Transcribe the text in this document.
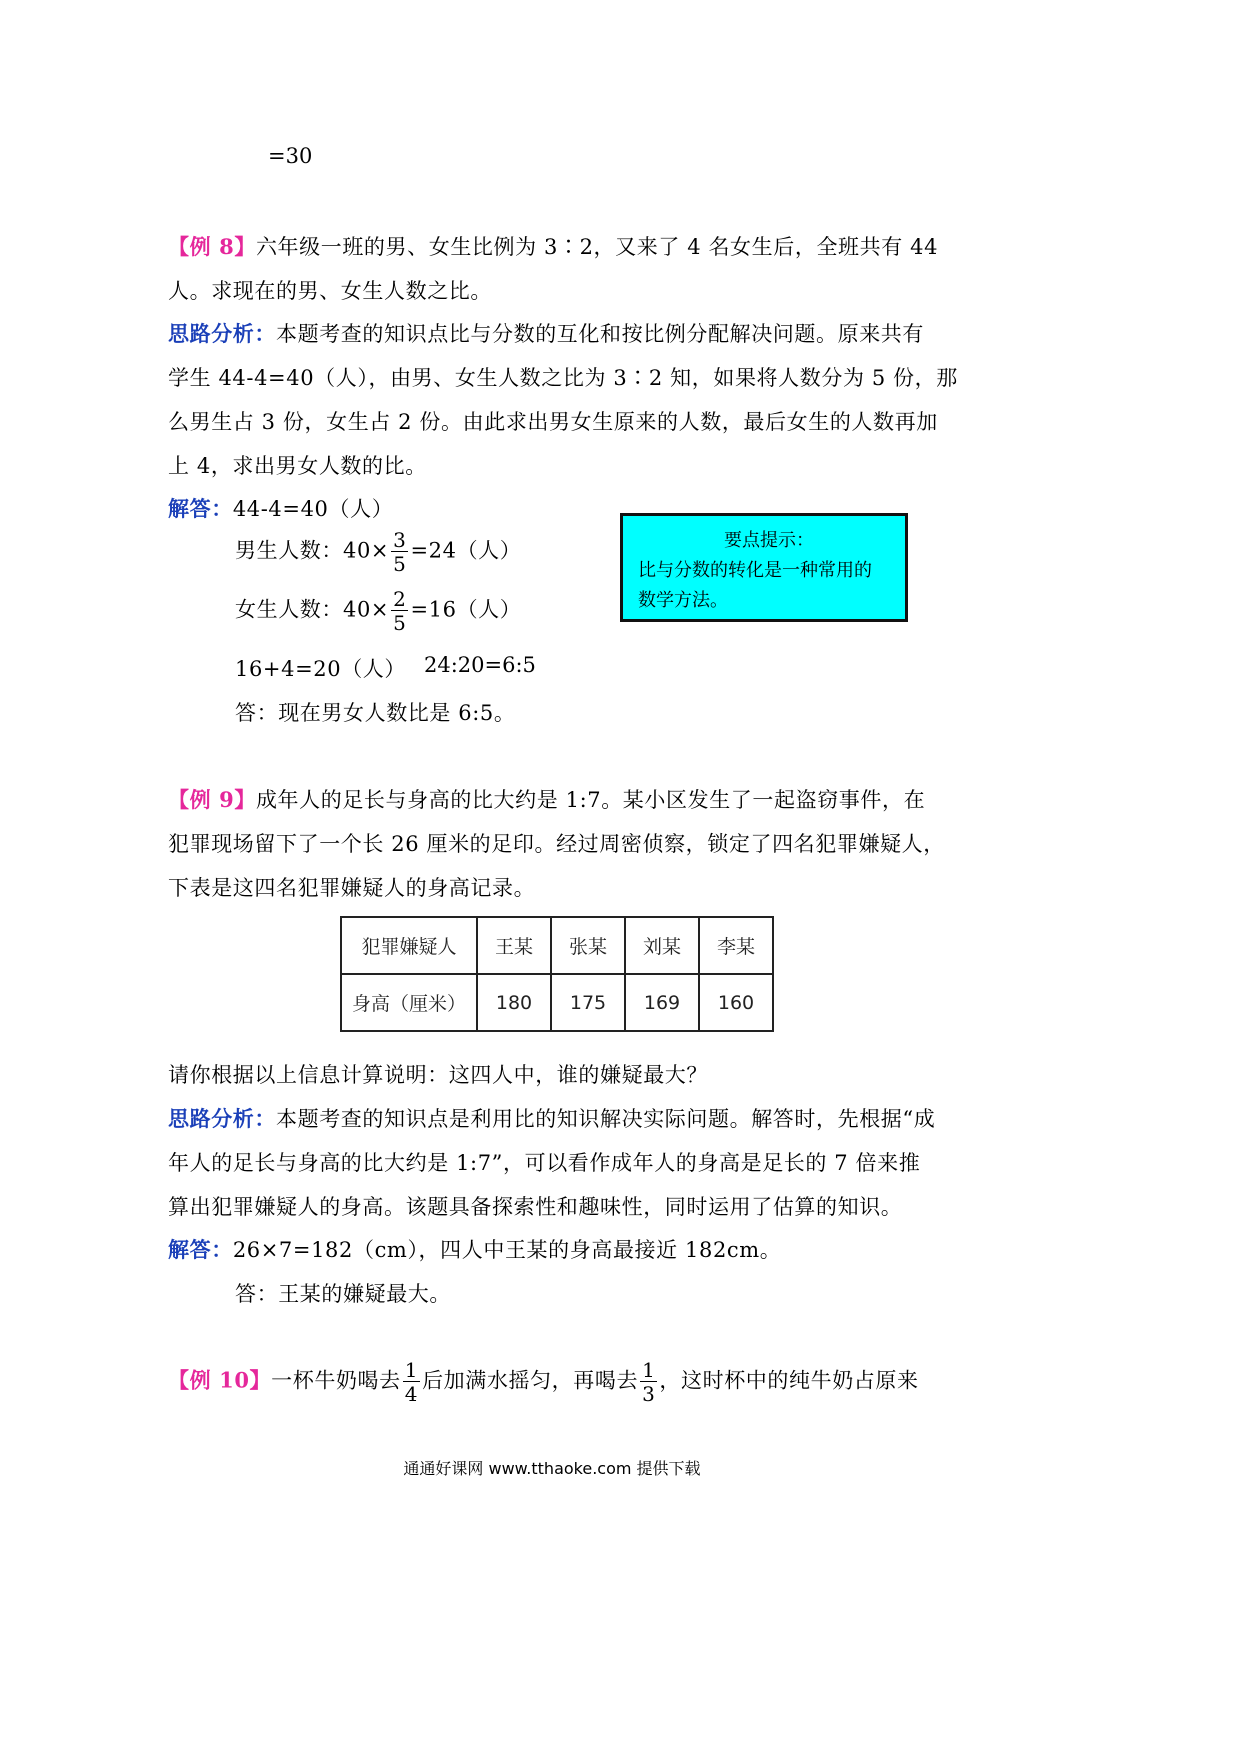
=30
【例 8】六年级一班的男、女生比例为 3∶2，又来了 4 名女生后，全班共有 44
人。求现在的男、女生人数之比。
思路分析：本题考查的知识点比与分数的互化和按比例分配解决问题。原来共有
学生 44-4=40（人），由男、女生人数之比为 3∶2 知，如果将人数分为 5 份，那
么男生占 3 份，女生占 2 份。由此求出男女生原来的人数，最后女生的人数再加
上 4，求出男女人数的比。
解答：44-4=40（人）
男生人数：$40\times \frac{3}{5} =24$（人）
女生人数：$40\times \frac{2}{5} =16$（人）
16+4=20（人） 24:20=6:5
答：现在男女人数比是 6:5。
要点提示：
比与分数的转化是一种常用的
数学方法。
【例 9】成年人的足长与身高的比大约是 1:7。某小区发生了一起盗窃事件，在
犯罪现场留下了一个长 26 厘米的足印。经过周密侦察，锁定了四名犯罪嫌疑人，
下表是这四名犯罪嫌疑人的身高记录。
犯罪嫌疑人	王某	张某	刘某	李某
身高（厘米）	180	175	169	160
请你根据以上信息计算说明：这四人中，谁的嫌疑最大？
思路分析：本题考查的知识点是利用比的知识解决实际问题。解答时，先根据“成
年人的足长与身高的比大约是 1:7”，可以看作成年人的身高是足长的 7 倍来推
算出犯罪嫌疑人的身高。该题具备探索性和趣味性，同时运用了估算的知识。
解答：26×7=182（cm），四人中王某的身高最接近 182cm。
答：王某的嫌疑最大。
【例 10】一杯牛奶喝去 $\frac{1}{4}$ 后加满水摇匀，再喝去 $\frac{1}{3}$ ，这时杯中的纯牛奶占原来
通通好课网 www.tthaoke.com 提供下载
